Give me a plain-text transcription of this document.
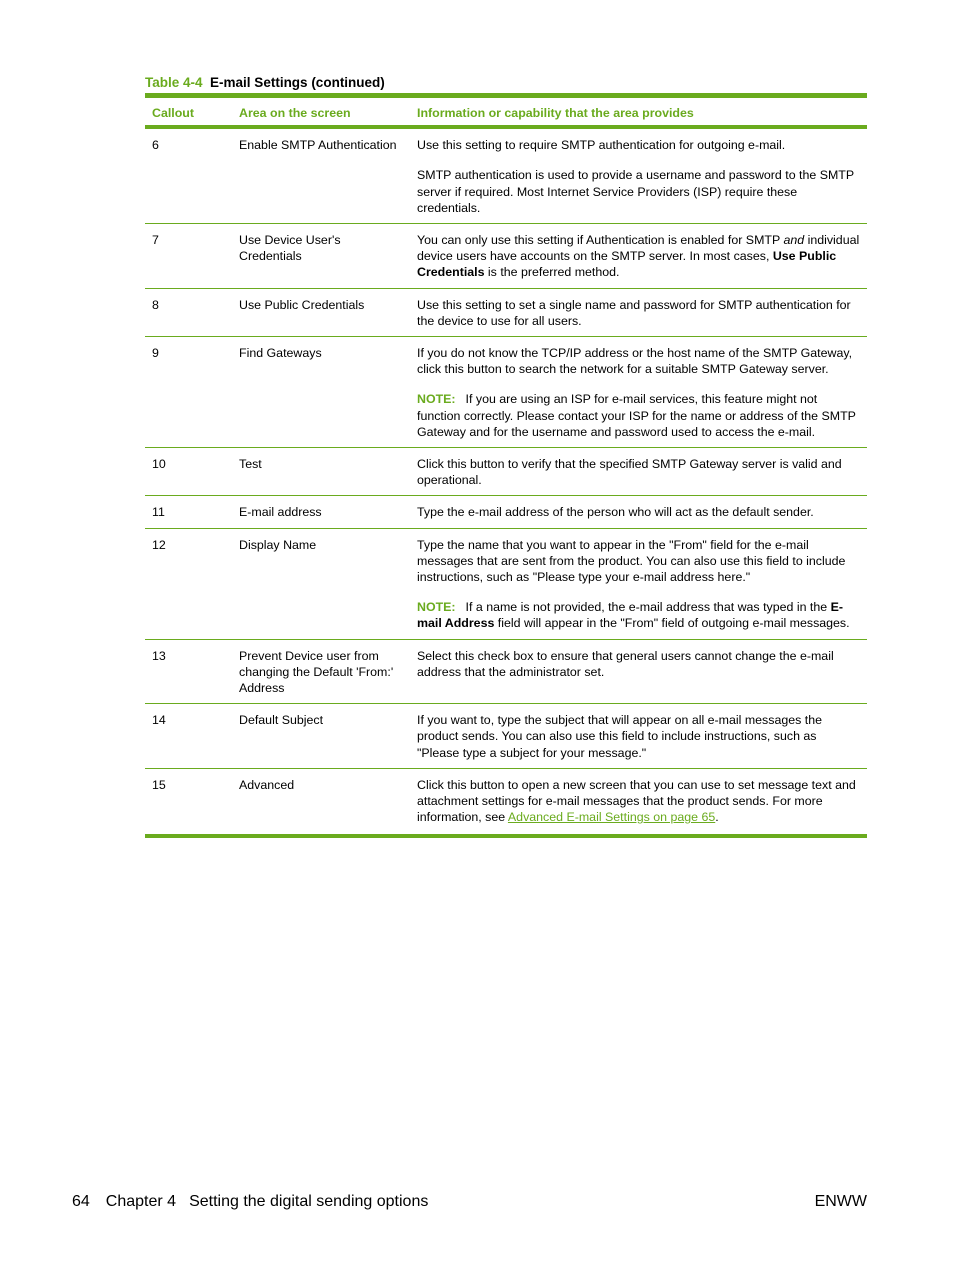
Table 4-4 E-mail Settings (continued)
Callout	Area on the screen	Information or capability that the area provides
6	Enable SMTP Authentication	Use this setting to require SMTP authentication for outgoing e-mail.

SMTP authentication is used to provide a username and password to the SMTP server if required. Most Internet Service Providers (ISP) require these credentials.

7	Use Device User's Credentials	You can only use this setting if Authentication is enabled for SMTP and individual device users have accounts on the SMTP server. In most cases, Use Public Credentials is the preferred method.

8	Use Public Credentials	Use this setting to set a single name and password for SMTP authentication for the device to use for all users.

9	Find Gateways	If you do not know the TCP/IP address or the host name of the SMTP Gateway, click this button to search the network for a suitable SMTP Gateway server.

NOTE: If you are using an ISP for e-mail services, this feature might not function correctly. Please contact your ISP for the name or address of the SMTP Gateway and for the username and password used to access the e-mail.

10	Test	Click this button to verify that the specified SMTP Gateway server is valid and operational.

11	E-mail address	Type the e-mail address of the person who will act as the default sender.

12	Display Name	Type the name that you want to appear in the "From" field for the e-mail messages that are sent from the product. You can also use this field to include instructions, such as "Please type your e-mail address here."

NOTE: If a name is not provided, the e-mail address that was typed in the E-mail Address field will appear in the "From" field of outgoing e-mail messages.

13	Prevent Device user from changing the Default 'From:' Address	Select this check box to ensure that general users cannot change the e-mail address that the administrator set.

14	Default Subject	If you want to, type the subject that will appear on all e-mail messages the product sends. You can also use this field to include instructions, such as "Please type a subject for your message."

15	Advanced	Click this button to open a new screen that you can use to set message text and attachment settings for e-mail messages that the product sends. For more information, see Advanced E-mail Settings on page 65.

64 Chapter 4 Setting the digital sending options	ENWW
